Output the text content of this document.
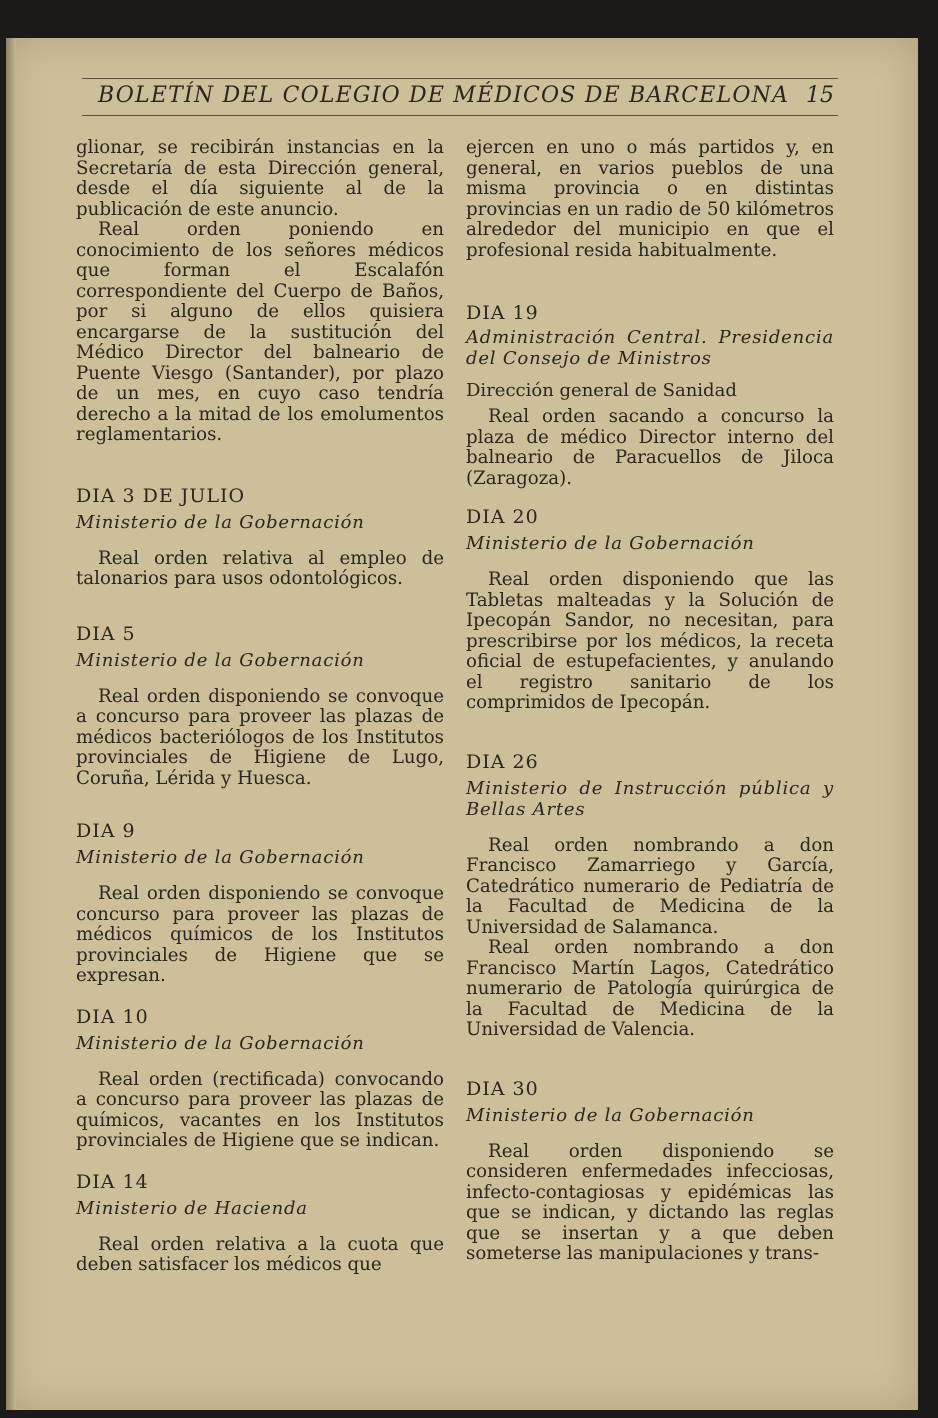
BOLETÍN DEL COLEGIO DE MÉDICOS DE BARCELONA 15

glionar, se recibirán instancias en la Secretaría de esta Dirección general, desde el día siguiente al de la publicación de este anuncio.

Real orden poniendo en conocimiento de los señores médicos que forman el Escalafón correspondiente del Cuerpo de Baños, por si alguno de ellos quisiera encargarse de la sustitución del Médico Director del balneario de Puente Viesgo (Santander), por plazo de un mes, en cuyo caso tendría derecho a la mitad de los emolumentos reglamentarios.

DIA 3 DE JULIO

Ministerio de la Gobernación

Real orden relativa al empleo de talonarios para usos odontológicos.

DIA 5

Ministerio de la Gobernación

Real orden disponiendo se convoque a concurso para proveer las plazas de médicos bacteriólogos de los Institutos provinciales de Higiene de Lugo, Coruña, Lérida y Huesca.

DIA 9

Ministerio de la Gobernación

Real orden disponiendo se convoque concurso para proveer las plazas de médicos químicos de los Institutos provinciales de Higiene que se expresan.

DIA 10

Ministerio de la Gobernación

Real orden (rectificada) convocando a concurso para proveer las plazas de químicos, vacantes en los Institutos provinciales de Higiene que se indican.

DIA 14

Ministerio de Hacienda

Real orden relativa a la cuota que deben satisfacer los médicos que

ejercen en uno o más partidos y, en general, en varios pueblos de una misma provincia o en distintas provincias en un radio de 50 kilómetros alrededor del municipio en que el profesional resida habitualmente.

DIA 19

Administración Central. Presidencia del Consejo de Ministros

Dirección general de Sanidad

Real orden sacando a concurso la plaza de médico Director interno del balneario de Paracuellos de Jiloca (Zaragoza).

DIA 20

Ministerio de la Gobernación

Real orden disponiendo que las Tabletas malteadas y la Solución de Ipecopán Sandor, no necesitan, para prescribirse por los médicos, la receta oficial de estupefacientes, y anulando el registro sanitario de los comprimidos de Ipecopán.

DIA 26

Ministerio de Instrucción pública y Bellas Artes

Real orden nombrando a don Francisco Zamarriego y García, Catedrático numerario de Pediatría de la Facultad de Medicina de la Universidad de Salamanca.

Real orden nombrando a don Francisco Martín Lagos, Catedrático numerario de Patología quirúrgica de la Facultad de Medicina de la Universidad de Valencia.

DIA 30

Ministerio de la Gobernación

Real orden disponiendo se consideren enfermedades infecciosas, infecto-contagiosas y epidémicas las que se indican, y dictando las reglas que se insertan y a que deben someterse las manipulaciones y trans-
